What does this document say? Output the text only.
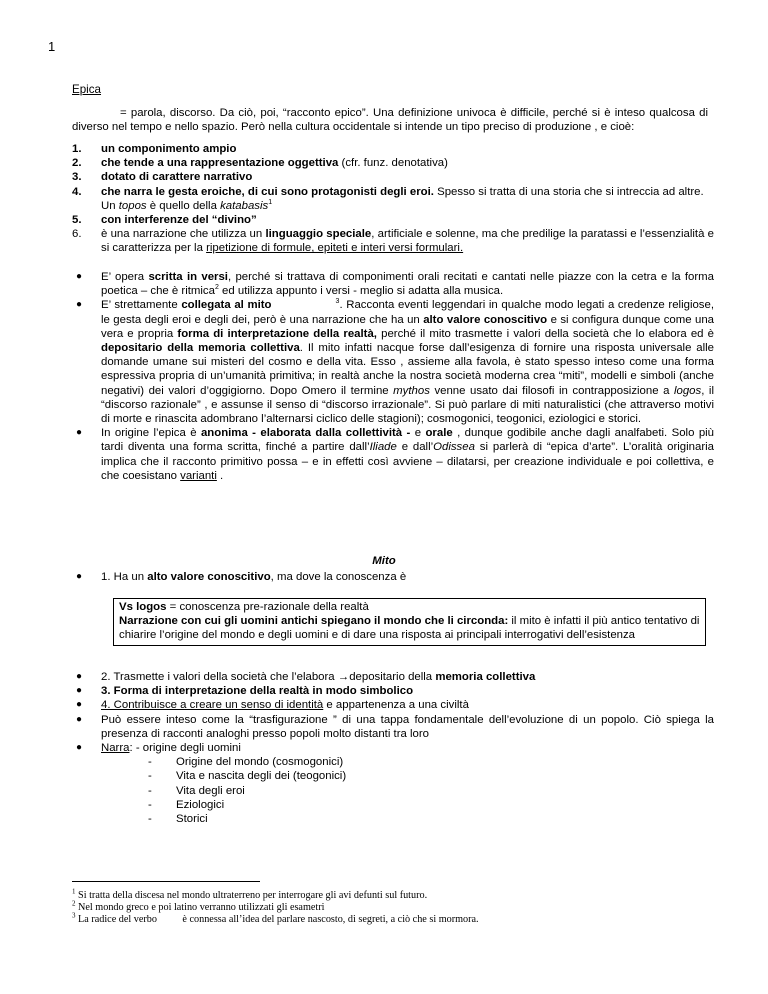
1
Epica
= parola, discorso. Da ciò, poi, “racconto epico”. Una definizione univoca è difficile, perché si è inteso qualcosa di diverso nel tempo e nello spazio. Però nella cultura occidentale si intende un tipo preciso di produzione , e cioè:
1. un componimento ampio
2. che tende a una rappresentazione oggettiva (cfr. funz. denotativa)
3. dotato di carattere narrativo
4. che narra le gesta eroiche, di cui sono protagonisti degli eroi. Spesso si tratta di una storia che si intreccia ad altre. Un topos è quello della katabasis$^1$
5. con interferenze del “divino”
6. è una narrazione che utilizza un linguaggio speciale, artificiale e solenne, ma che predilige la paratassi e l’essenzialità e si caratterizza per la ripetizione di formule, epiteti e interi versi formulari.
● E’ opera scritta in versi, perché si trattava di componimenti orali recitati e cantati nelle piazze con la cetra e la forma poetica – che è ritmica$^2$ ed utilizza appunto i versi - meglio si adatta alla musica.
● E’ strettamente collegata al mito	$^3$. Racconta eventi leggendari in qualche modo legati a credenze religiose, le gesta degli eroi e degli dei, però è una narrazione che ha un alto valore conoscitivo e si configura dunque come una vera e propria forma di interpretazione della realtà, perché il mito trasmette i valori della società che lo elabora ed è depositario della memoria collettiva. Il mito infatti nacque forse dall’esigenza di fornire una risposta universale alle domande umane sui misteri del cosmo e della vita. Esso , assieme alla favola, è stato spesso inteso come una forma espressiva propria di un’umanità primitiva; in realtà anche la nostra società moderna crea “miti”, modelli e simboli (anche negativi) dei valori d’oggigiorno. Dopo Omero il termine mythos venne usato dai filosofi in contrapposizione a logos, il “discorso razionale” , e assunse il senso di “discorso irrazionale”. Si può parlare di miti naturalistici (che attraverso motivi di morte e rinascita adombrano l’alternarsi ciclico delle stagioni); cosmogonici, teogonici, eziologici e storici.
● In origine l’epica è anonima - elaborata dalla collettività - e orale , dunque godibile anche dagli analfabeti. Solo più tardi diventa una forma scritta, finché a partire dall’Iliade e dall’Odissea si parlerà di “epica d’arte”. L’oralità originaria implica che il racconto primitivo possa – e in effetti così avviene – dilatarsi, per creazione individuale e poi collettiva, e che coesistano varianti .
Mito
● 1. Ha un alto valore conoscitivo, ma dove la conoscenza è
Vs logos = conoscenza pre-razionale della realtà
Narrazione con cui gli uomini antichi spiegano il mondo che li circonda: il mito è infatti il più antico tentativo di chiarire l’origine del mondo e degli uomini e di dare una risposta ai principali interrogativi dell’esistenza
● 2. Trasmette i valori della società che l’elabora →depositario della memoria collettiva
● 3. Forma di interpretazione della realtà in modo simbolico
● 4. Contribuisce a creare un senso di identità e appartenenza a una civiltà
● Può essere inteso come la “trasfigurazione ” di una tappa fondamentale dell’evoluzione di un popolo. Ciò spiega la presenza di racconti analoghi presso popoli molto distanti tra loro
● Narra: - origine degli uomini
- Origine del mondo (cosmogonici)
- Vita e nascita degli dei (teogonici)
- Vita degli eroi
- Eziologici
- Storici
$^1$ Si tratta della discesa nel mondo ultraterreno per interrogare gli avi defunti sul futuro.
$^2$ Nel mondo greco e poi latino verranno utilizzati gli esametri
$^3$ La radice del verbo          è connessa all’idea del parlare nascosto, di segreti, a ciò che si mormora.
